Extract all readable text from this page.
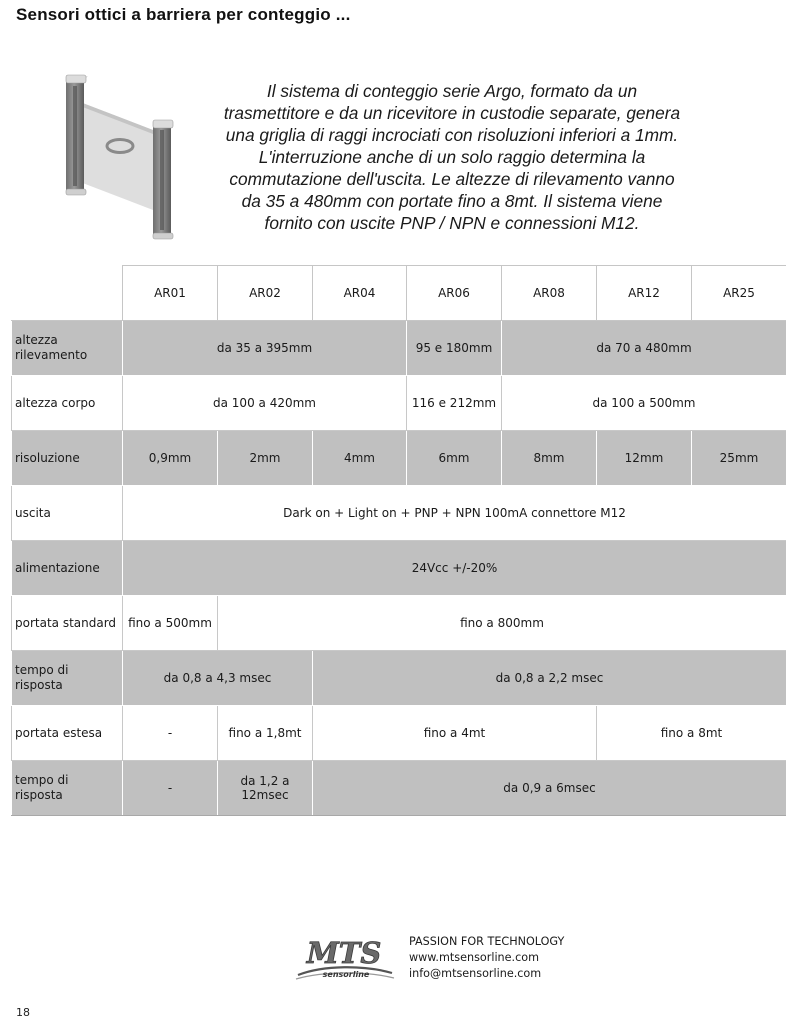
Sensori ottici a barriera per conteggio ...
Il sistema di conteggio serie Argo, formato da un
trasmettitore e da un ricevitore in custodie separate, genera
una griglia di raggi incrociati con risoluzioni inferiori a 1mm.
L'interruzione anche di un solo raggio determina la
commutazione dell'uscita. Le altezze di rilevamento vanno
da 35 a 480mm con portate fino a 8mt. Il sistema viene
fornito con uscite PNP / NPN e connessioni M12.
	AR01	AR02	AR04	AR06	AR08	AR12	AR25
altezza rilevamento	da 35 a 395mm			95 e 180mm	da 70 a 480mm		
altezza corpo	da 100 a 420mm			116 e 212mm	da 100 a 500mm		
risoluzione	0,9mm	2mm	4mm	6mm	8mm	12mm	25mm
uscita	Dark on + Light on + PNP + NPN 100mA connettore M12						
alimentazione	24Vcc +/-20%						
portata standard	fino a 500mm	fino a 800mm					
tempo di risposta	da 0,8 a 4,3 msec		da 0,8 a 2,2 msec				
portata estesa	-	fino a 1,8mt	fino a 4mt			fino a 8mt	
tempo di risposta	-	da 1,2 a 12msec	da 0,9 a 6msec				
MTS
sensorline
PASSION FOR TECHNOLOGY
www.mtsensorline.com
info@mtsensorline.com
18
